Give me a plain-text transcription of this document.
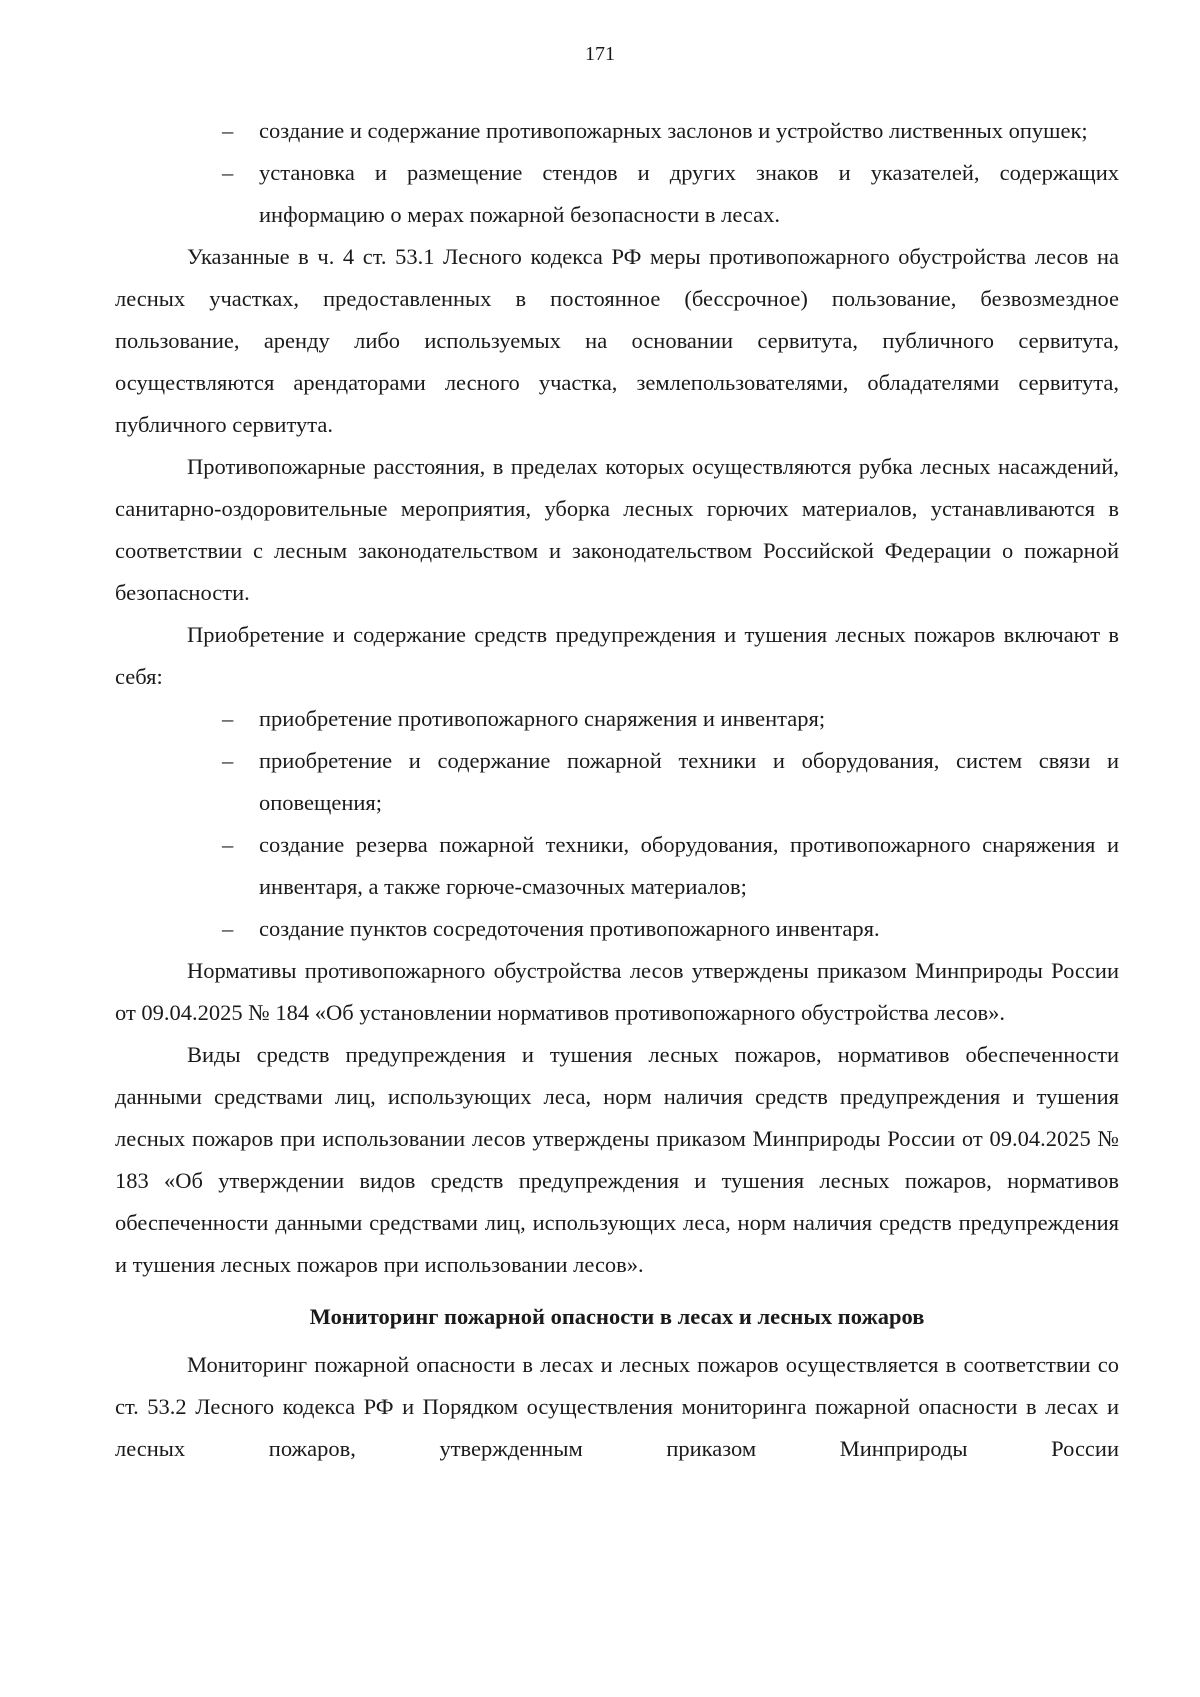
171
– создание и содержание противопожарных заслонов и устройство лиственных опушек;
– установка и размещение стендов и других знаков и указателей, содержащих информацию о мерах пожарной безопасности в лесах.

Указанные в ч. 4 ст. 53.1 Лесного кодекса РФ меры противопожарного обустройства лесов на лесных участках, предоставленных в постоянное (бессрочное) пользование, безвозмездное пользование, аренду либо используемых на основании сервитута, публичного сервитута, осуществляются арендаторами лесного участка, землепользователями, обладателями сервитута, публичного сервитута.

Противопожарные расстояния, в пределах которых осуществляются рубка лесных насаждений, санитарно-оздоровительные мероприятия, уборка лесных горючих материалов, устанавливаются в соответствии с лесным законодательством и законодательством Российской Федерации о пожарной безопасности.

Приобретение и содержание средств предупреждения и тушения лесных пожаров включают в себя:

– приобретение противопожарного снаряжения и инвентаря;
– приобретение и содержание пожарной техники и оборудования, систем связи и оповещения;
– создание резерва пожарной техники, оборудования, противопожарного снаряжения и инвентаря, а также горюче-смазочных материалов;
– создание пунктов сосредоточения противопожарного инвентаря.

Нормативы противопожарного обустройства лесов утверждены приказом Минприроды России от 09.04.2025 № 184 «Об установлении нормативов противопожарного обустройства лесов».

Виды средств предупреждения и тушения лесных пожаров, нормативов обеспеченности данными средствами лиц, использующих леса, норм наличия средств предупреждения и тушения лесных пожаров при использовании лесов утверждены приказом Минприроды России от 09.04.2025 № 183 «Об утверждении видов средств предупреждения и тушения лесных пожаров, нормативов обеспеченности данными средствами лиц, использующих леса, норм наличия средств предупреждения и тушения лесных пожаров при использовании лесов».

Мониторинг пожарной опасности в лесах и лесных пожаров

Мониторинг пожарной опасности в лесах и лесных пожаров осуществляется в соответствии со ст. 53.2 Лесного кодекса РФ и Порядком осуществления мониторинга пожарной опасности в лесах и лесных пожаров, утвержденным приказом Минприроды России
